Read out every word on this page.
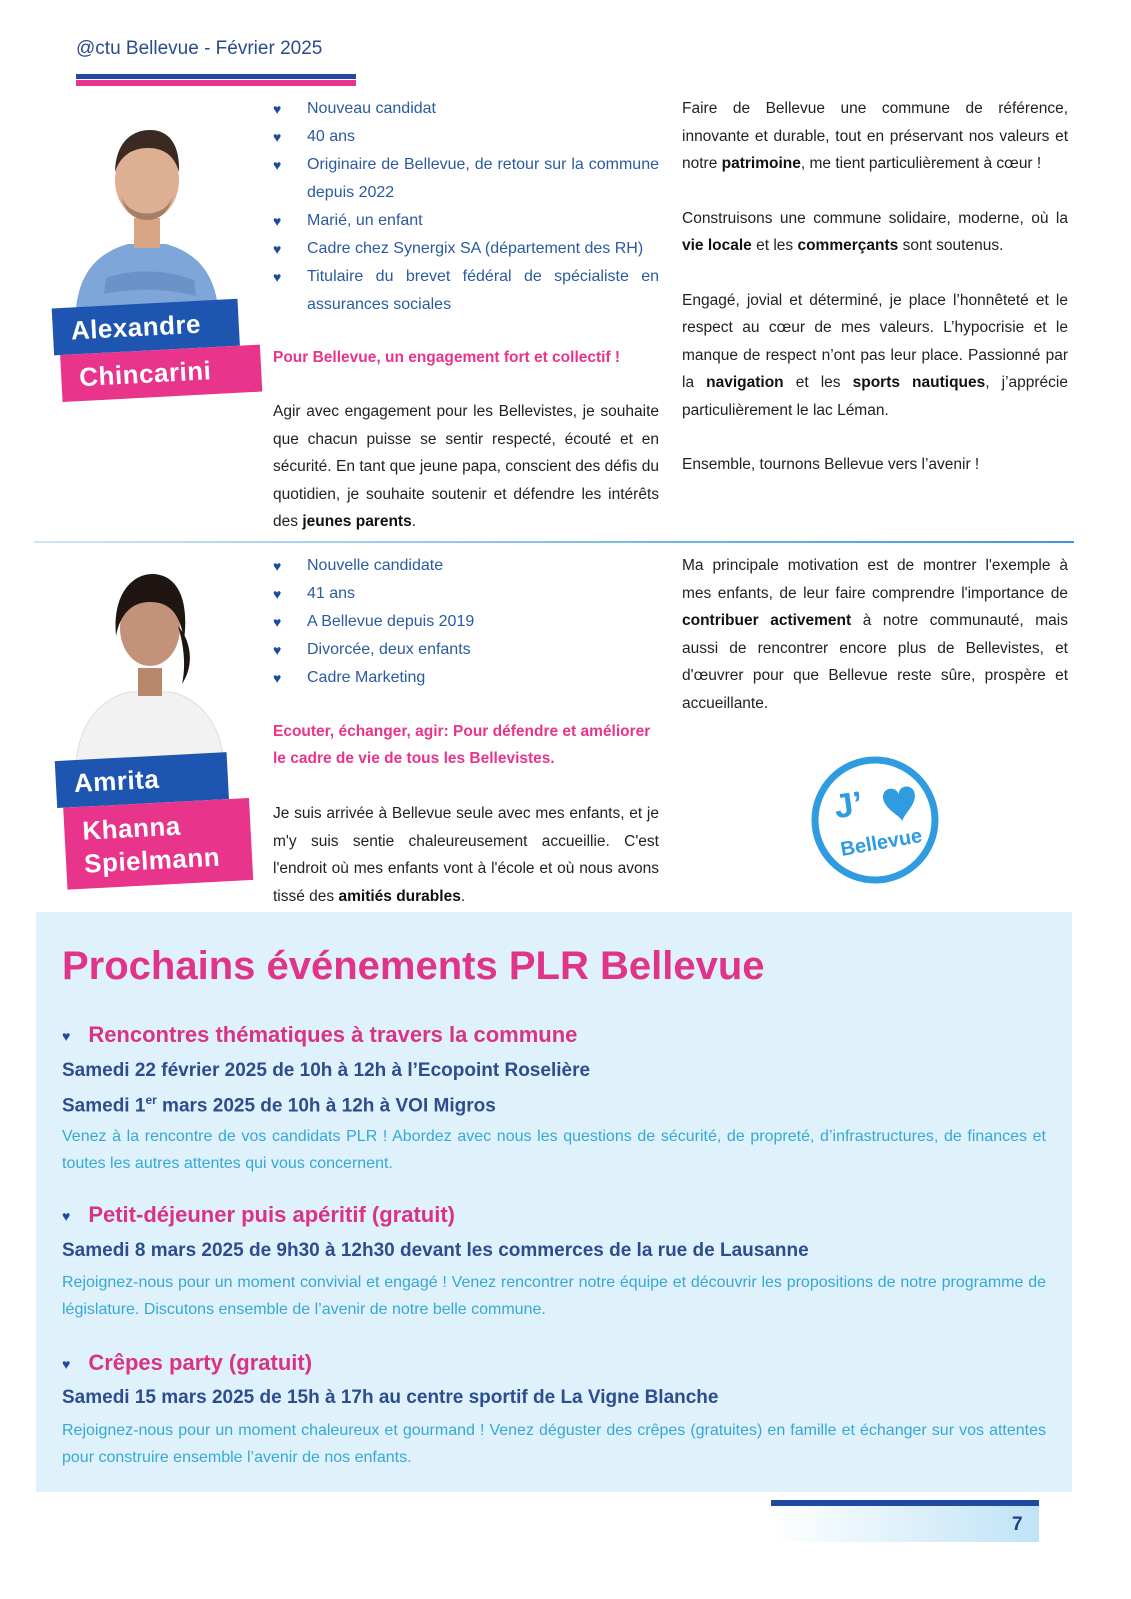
@ctu Bellevue - Février 2025
Alexandre
Chincarini
♥ Nouveau candidat
♥ 40 ans
♥ Originaire de Bellevue, de retour sur la commune depuis 2022
♥ Marié, un enfant
♥ Cadre chez Synergix SA (département des RH)
♥ Titulaire du brevet fédéral de spécialiste en assurances sociales
Pour Bellevue, un engagement fort et collectif !
Agir avec engagement pour les Bellevistes, je souhaite que chacun puisse se sentir respecté, écouté et en sécurité. En tant que jeune papa, conscient des défis du quotidien, je souhaite soutenir et défendre les intérêts des jeunes parents.

Faire de Bellevue une commune de référence, innovante et durable, tout en préservant nos valeurs et notre patrimoine, me tient particulièrement à cœur !

Construisons une commune solidaire, moderne, où la vie locale et les commerçants sont soutenus.

Engagé, jovial et déterminé, je place l’honnêteté et le respect au cœur de mes valeurs. L’hypocrisie et le manque de respect n’ont pas leur place. Passionné par la navigation et les sports nautiques, j’apprécie particulièrement le lac Léman.

Ensemble, tournons Bellevue vers l’avenir !

Amrita
Khanna
Spielmann
♥ Nouvelle candidate
♥ 41 ans
♥ A Bellevue depuis 2019
♥ Divorcée, deux enfants
♥ Cadre Marketing
Ecouter, échanger, agir: Pour défendre et améliorer le cadre de vie de tous les Bellevistes.
Je suis arrivée à Bellevue seule avec mes enfants, et je m'y suis sentie chaleureusement accueillie. C'est l'endroit où mes enfants vont à l'école et où nous avons tissé des amitiés durables.

Ma principale motivation est de montrer l'exemple à mes enfants, de leur faire comprendre l'importance de contribuer activement à notre communauté, mais aussi de rencontrer encore plus de Bellevistes, et d'œuvrer pour que Bellevue reste sûre, prospère et accueillante.

J’
Bellevue
Prochains événements PLR Bellevue
♥ Rencontres thématiques à travers la commune
Samedi 22 février 2025 de 10h à 12h à l’Ecopoint Roselière
Samedi 1er mars 2025 de 10h à 12h à VOI Migros
Venez à la rencontre de vos candidats PLR ! Abordez avec nous les questions de sécurité, de propreté, d’infrastructures, de finances et toutes les autres attentes qui vous concernent.
♥ Petit-déjeuner puis apéritif (gratuit)
Samedi 8 mars 2025 de 9h30 à 12h30 devant les commerces de la rue de Lausanne
Rejoignez-nous pour un moment convivial et engagé ! Venez rencontrer notre équipe et découvrir les propositions de notre programme de législature. Discutons ensemble de l’avenir de notre belle commune.
♥ Crêpes party (gratuit)
Samedi 15 mars 2025 de 15h à 17h au centre sportif de La Vigne Blanche
Rejoignez-nous pour un moment chaleureux et gourmand ! Venez déguster des crêpes (gratuites) en famille et échanger sur vos attentes pour construire ensemble l’avenir de nos enfants.
7
